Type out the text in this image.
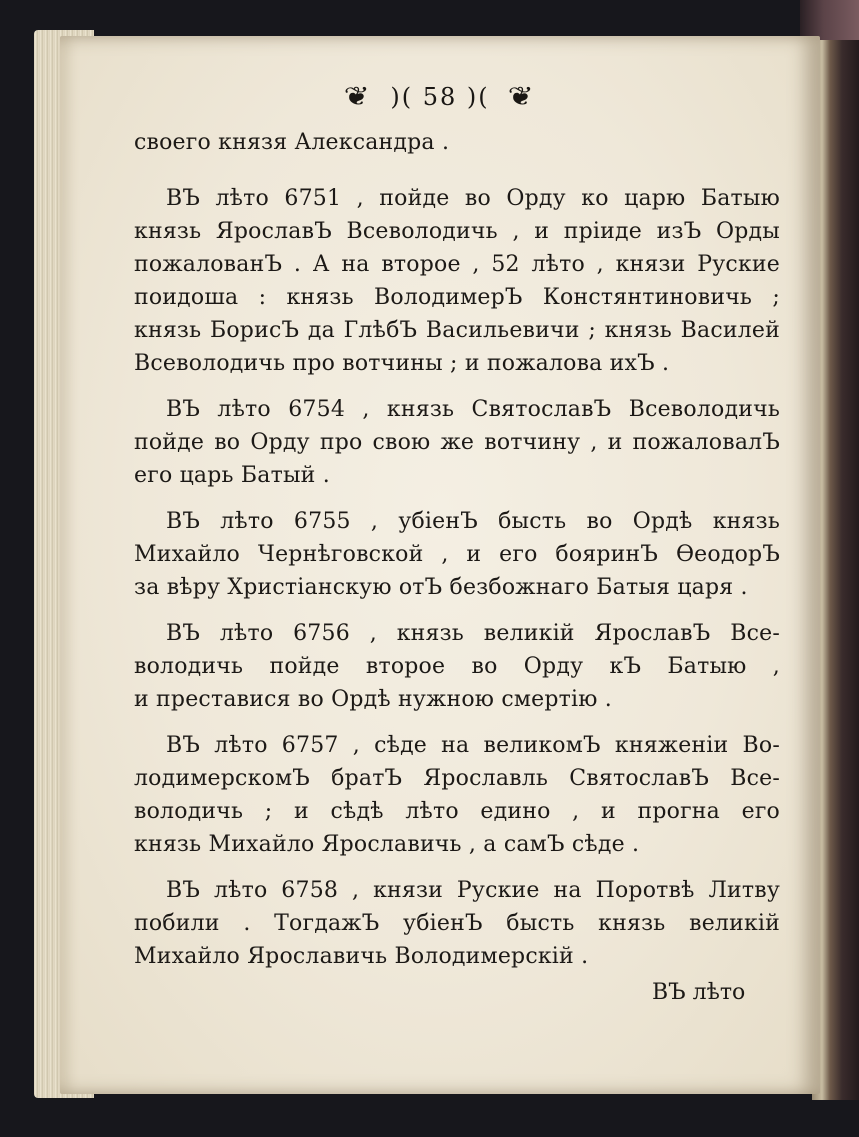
❦ )( 58 )( ❦
своего князя Александра .
ВЪ лѣто 6751 , пойде во Орду ко царю Батыю
князь ЯрославЪ Всеволодичь , и пріиде изЪ Орды
пожалованЪ . А на второе , 52 лѣто , князи Руские
поидоша : князь ВолодимерЪ Констянтиновичь ;
князь БорисЪ да ГлѣбЪ Васильевичи ; князь Василей
Всеволодичь про вотчины ; и пожалова ихЪ .
ВЪ лѣто 6754 , князь СвятославЪ Всеволодичь
пойде во Орду про свою же вотчину , и пожаловалЪ
его царь Батый .
ВЪ лѣто 6755 , убіенЪ бысть во Ордѣ князь
Михайло Чернѣговской , и его бояринЪ ѲеодорЪ
за вѣру Христіанскую отЪ безбожнаго Батыя царя .
ВЪ лѣто 6756 , князь великій ЯрославЪ Все-
володичь пойде второе во Орду кЪ Батыю ,
и преставися во Ордѣ нужною смертію .
ВЪ лѣто 6757 , сѣде на великомЪ княженіи Во-
лодимерскомЪ братЪ Ярославль СвятославЪ Все-
володичь ; и сѣдѣ лѣто едино , и прогна его
князь Михайло Ярославичь , а самЪ сѣде .
ВЪ лѣто 6758 , князи Руские на Поротвѣ Литву
побили . ТогдажЪ убіенЪ бысть князь великій
Михайло Ярославичь Володимерскій .
ВЪ лѣто
